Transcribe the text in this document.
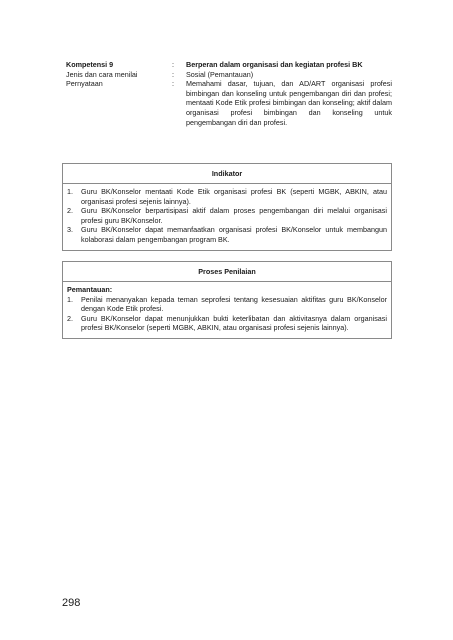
Kompetensi 9	:	Berperan dalam organisasi dan kegiatan profesi BK
Jenis dan cara menilai	:	Sosial (Pemantauan)
Pernyataan	:	Memahami dasar, tujuan, dan AD/ART organisasi profesi bimbingan dan konseling untuk pengembangan diri dan profesi; mentaati Kode Etik profesi bimbingan dan konseling; aktif dalam organisasi profesi bimbingan dan konseling untuk pengembangan diri dan profesi.
Indikator
1.	Guru BK/Konselor mentaati Kode Etik organisasi profesi BK (seperti MGBK, ABKIN, atau organisasi profesi sejenis lainnya).
2.	Guru BK/Konselor berpartisipasi aktif dalam proses pengembangan diri melalui organisasi profesi guru BK/Konselor.
3.	Guru BK/Konselor dapat memanfaatkan organisasi profesi BK/Konselor untuk membangun kolaborasi dalam pengembangan program BK.
Proses Penilaian
Pemantauan:
1.	Penilai menanyakan kepada teman seprofesi tentang kesesuaian aktifitas guru BK/Konselor dengan Kode Etik profesi.
2.	Guru BK/Konselor dapat menunjukkan bukti keterlibatan dan aktivitasnya dalam organisasi profesi BK/Konselor (seperti MGBK, ABKIN, atau organisasi profesi sejenis lainnya).
298
